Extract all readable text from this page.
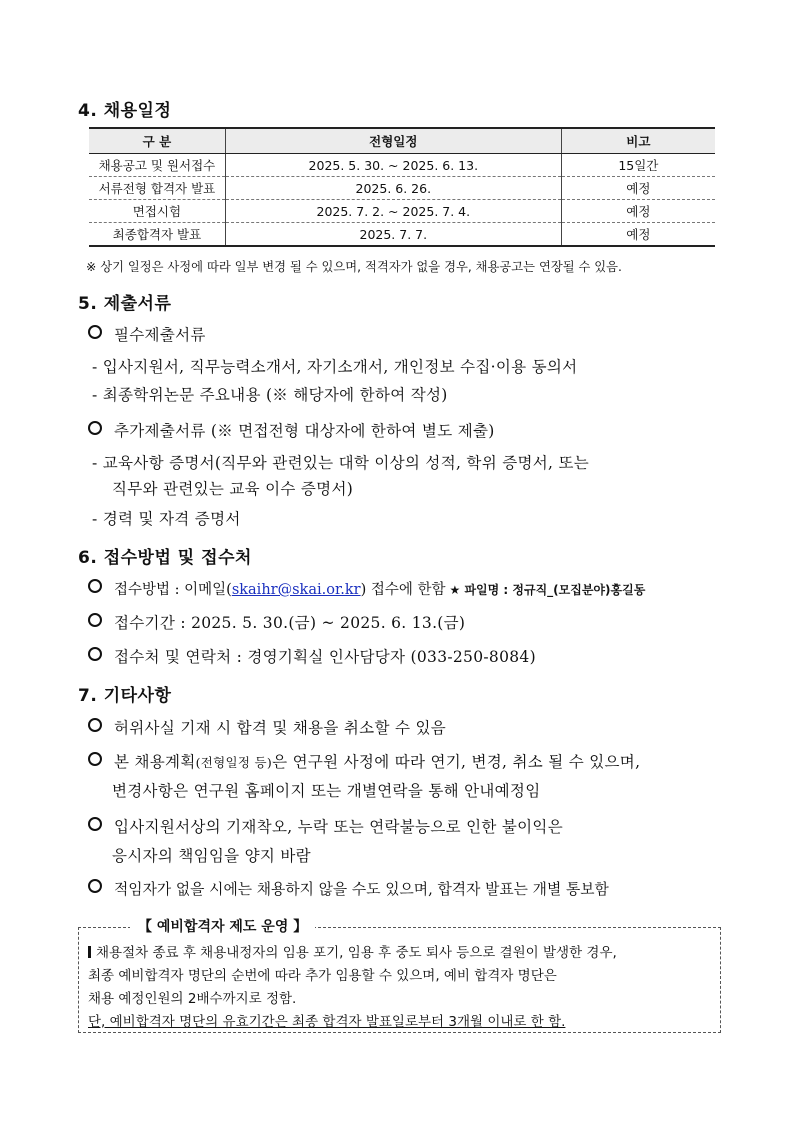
4. 채용일정
구 분	전형일정	비고
채용공고 및 원서접수	2025. 5. 30. ~ 2025. 6. 13.	15일간
서류전형 합격자 발표	2025. 6. 26.	예정
면접시험	2025. 7. 2. ~ 2025. 7. 4.	예정
최종합격자 발표	2025. 7. 7.	예정
※ 상기 일정은 사정에 따라 일부 변경 될 수 있으며, 적격자가 없을 경우, 채용공고는 연장될 수 있음.
5. 제출서류
필수제출서류
- 입사지원서, 직무능력소개서, 자기소개서, 개인정보 수집·이용 동의서
- 최종학위논문 주요내용 (※ 해당자에 한하여 작성)
추가제출서류 (※ 면접전형 대상자에 한하여 별도 제출)
- 교육사항 증명서(직무와 관련있는 대학 이상의 성적, 학위 증명서, 또는
직무와 관련있는 교육 이수 증명서)
- 경력 및 자격 증명서
6. 접수방법 및 접수처
접수방법 : 이메일(skaihr@skai.or.kr) 접수에 한함 ★ 파일명 : 정규직_(모집분야)홍길동
접수기간 : 2025. 5. 30.(금) ~ 2025. 6. 13.(금)
접수처 및 연락처 : 경영기획실 인사담당자 (033-250-8084)
7. 기타사항
허위사실 기재 시 합격 및 채용을 취소할 수 있음
본 채용계획(전형일정 등)은 연구원 사정에 따라 연기, 변경, 취소 될 수 있으며,
변경사항은 연구원 홈페이지 또는 개별연락을 통해 안내예정임
입사지원서상의 기재착오, 누락 또는 연락불능으로 인한 불이익은
응시자의 책임임을 양지 바람
적임자가 없을 시에는 채용하지 않을 수도 있으며, 합격자 발표는 개별 통보함
【 예비합격자 제도 운영 】
채용절차 종료 후 채용내정자의 임용 포기, 임용 후 중도 퇴사 등으로 결원이 발생한 경우,
최종 예비합격자 명단의 순번에 따라 추가 임용할 수 있으며, 예비 합격자 명단은
채용 예정인원의 2배수까지로 정함.
단, 예비합격자 명단의 유효기간은 최종 합격자 발표일로부터 3개월 이내로 한 함.
